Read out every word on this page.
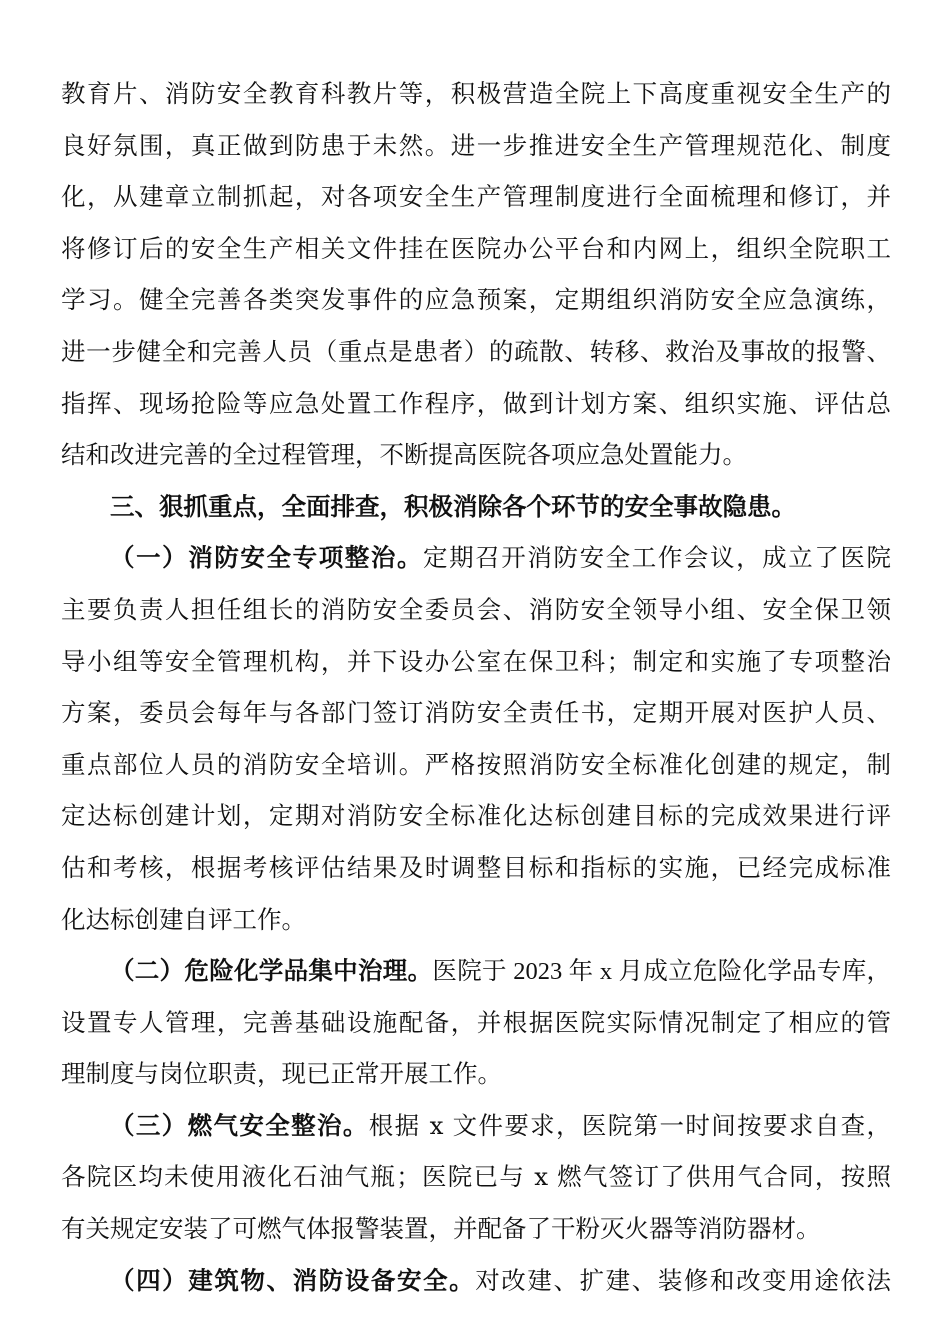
教育片、消防安全教育科教片等，积极营造全院上下高度重视安全生产的
良好氛围，真正做到防患于未然。进一步推进安全生产管理规范化、制度
化，从建章立制抓起，对各项安全生产管理制度进行全面梳理和修订，并
将修订后的安全生产相关文件挂在医院办公平台和内网上，组织全院职工
学习。健全完善各类突发事件的应急预案，定期组织消防安全应急演练，
进一步健全和完善人员（重点是患者）的疏散、转移、救治及事故的报警、
指挥、现场抢险等应急处置工作程序，做到计划方案、组织实施、评估总
结和改进完善的全过程管理，不断提高医院各项应急处置能力。
三、狠抓重点，全面排查，积极消除各个环节的安全事故隐患。
（一）消防安全专项整治。定期召开消防安全工作会议，成立了医院
主要负责人担任组长的消防安全委员会、消防安全领导小组、安全保卫领
导小组等安全管理机构，并下设办公室在保卫科；制定和实施了专项整治
方案，委员会每年与各部门签订消防安全责任书，定期开展对医护人员、
重点部位人员的消防安全培训。严格按照消防安全标准化创建的规定，制
定达标创建计划，定期对消防安全标准化达标创建目标的完成效果进行评
估和考核，根据考核评估结果及时调整目标和指标的实施，已经完成标准
化达标创建自评工作。
（二）危险化学品集中治理。医院于 2023 年 x 月成立危险化学品专库，
设置专人管理，完善基础设施配备，并根据医院实际情况制定了相应的管
理制度与岗位职责，现已正常开展工作。
（三）燃气安全整治。根据 x 文件要求，医院第一时间按要求自查，
各院区均未使用液化石油气瓶；医院已与 x 燃气签订了供用气合同，按照
有关规定安装了可燃气体报警装置，并配备了干粉灭火器等消防器材。
（四）建筑物、消防设备安全。对改建、扩建、装修和改变用途依法
